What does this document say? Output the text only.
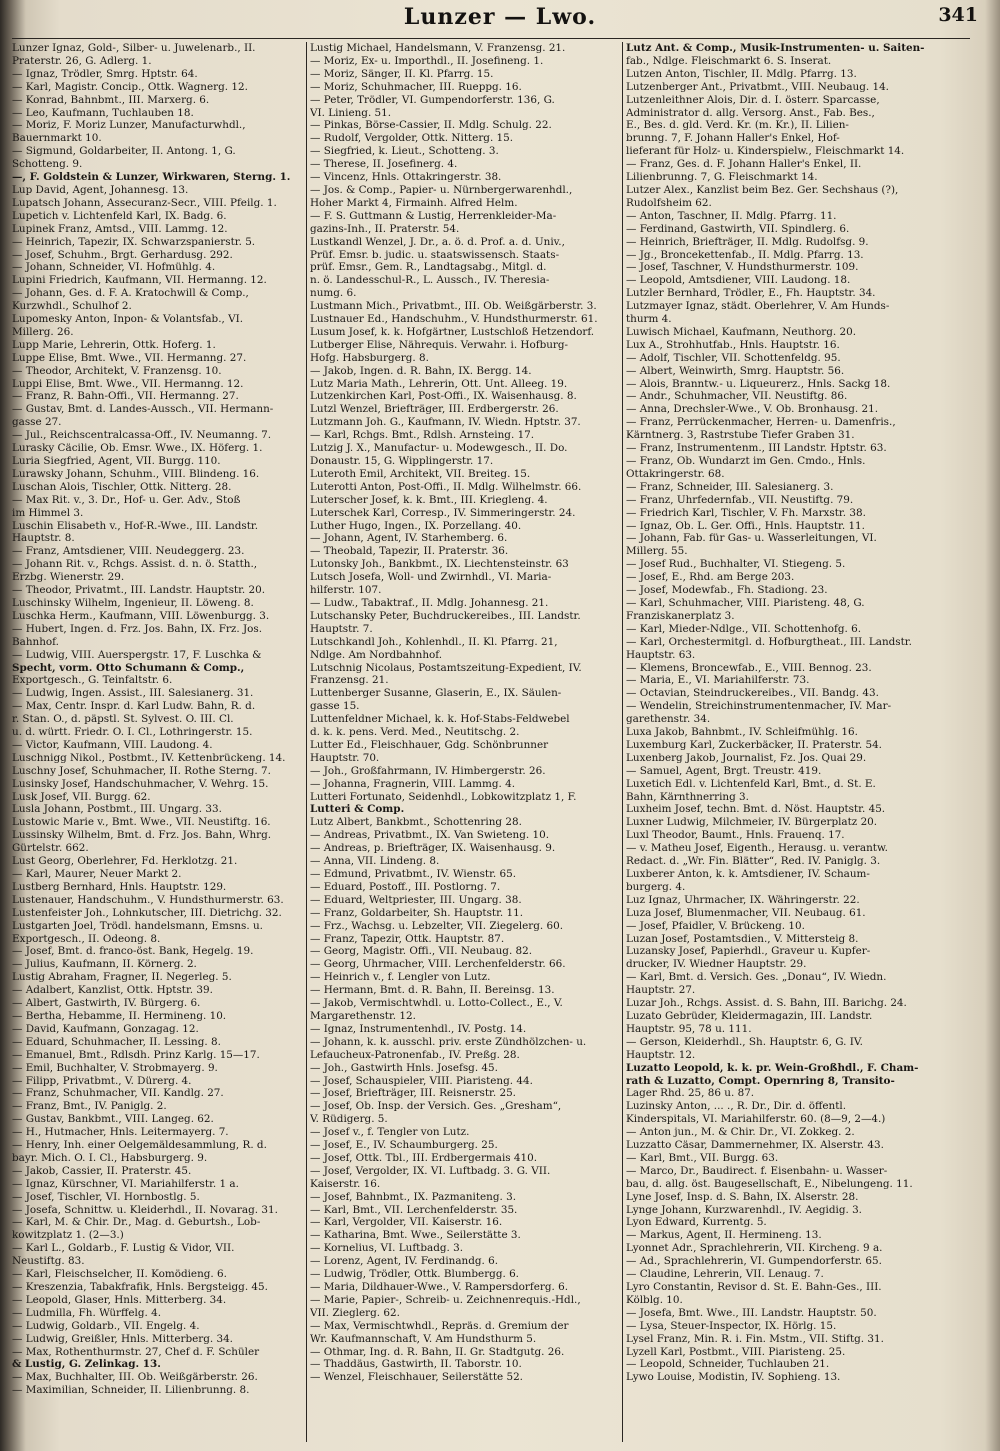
Lunzer — Lwo.	341
Lunzer Ignaz, Gold-, Silber- u. Juwelenarb., II.
Praterstr. 26, G. Adlerg. 1.
— Ignaz, Trödler, Smrg. Hptstr. 64.
— Karl, Magistr. Concip., Ottk. Wagnerg. 12.
— Konrad, Bahnbmt., III. Marxerg. 6.
— Leo, Kaufmann, Tuchlauben 18.
— Moriz, F. Moriz Lunzer, Manufacturwhdl.,
Bauernmarkt 10.
— Sigmund, Goldarbeiter, II. Antong. 1, G.
Schotteng. 9.
—, F. Goldstein & Lunzer, Wirkwaren, Sterng. 1.
Lup David, Agent, Johannesg. 13.
Lupatsch Johann, Assecuranz-Secr., VIII. Pfeilg. 1.
Lupetich v. Lichtenfeld Karl, IX. Badg. 6.
Lupinek Franz, Amtsd., VIII. Lammg. 12.
— Heinrich, Tapezir, IX. Schwarzspanierstr. 5.
— Josef, Schuhm., Brgt. Gerhardusg. 292.
— Johann, Schneider, VI. Hofmühlg. 4.
Lupini Friedrich, Kaufmann, VII. Hermanng. 12.
— Johann, Ges. d. F. A. Kratochwill & Comp.,
Kurzwhdl., Schulhof 2.
Lupomesky Anton, Inpon- & Volantsfab., VI.
Millerg. 26.
Lupp Marie, Lehrerin, Ottk. Hoferg. 1.
Luppe Elise, Bmt. Wwe., VII. Hermanng. 27.
— Theodor, Architekt, V. Franzensg. 10.
Luppi Elise, Bmt. Wwe., VII. Hermanng. 12.
— Franz, R. Bahn-Offi., VII. Hermanng. 27.
— Gustav, Bmt. d. Landes-Aussch., VII. Hermann-
gasse 27.
— Jul., Reichscentralcassa-Off., IV. Neumanng. 7.
Lurasky Cäcilie, Ob. Emsr. Wwe., IX. Höferg. 1.
Luria Siegfried, Agent, VII. Burgg. 110.
Lurawsky Johann, Schuhm., VIII. Blindeng. 16.
Luschan Alois, Tischler, Ottk. Nitterg. 28.
— Max Rit. v., 3. Dr., Hof- u. Ger. Adv., Stoß
im Himmel 3.
Luschin Elisabeth v., Hof-R.-Wwe., III. Landstr.
Hauptstr. 8.
— Franz, Amtsdiener, VIII. Neudeggerg. 23.
— Johann Rit. v., Rchgs. Assist. d. n. ö. Statth.,
Erzbg. Wienerstr. 29.
— Theodor, Privatmt., III. Landstr. Hauptstr. 20.
Luschinsky Wilhelm, Ingenieur, II. Löweng. 8.
Luschka Herm., Kaufmann, VIII. Löwenburgg. 3.
— Hubert, Ingen. d. Frz. Jos. Bahn, IX. Frz. Jos.
Bahnhof.
— Ludwig, VIII. Auerspergstr. 17, F. Luschka &
Specht, vorm. Otto Schumann & Comp.,
Exportgesch., G. Teinfaltstr. 6.
— Ludwig, Ingen. Assist., III. Salesianerg. 31.
— Max, Centr. Inspr. d. Karl Ludw. Bahn, R. d.
r. Stan. O., d. päpstl. St. Sylvest. O. III. Cl.
u. d. württ. Friedr. O. I. Cl., Lothringerstr. 15.
— Victor, Kaufmann, VIII. Laudong. 4.
Luschnigg Nikol., Postbmt., IV. Kettenbrückeng. 14.
Luschny Josef, Schuhmacher, II. Rothe Sterng. 7.
Lusinsky Josef, Handschuhmacher, V. Wehrg. 15.
Lusk Josef, VII. Burgg. 62.
Lusla Johann, Postbmt., III. Ungarg. 33.
Lustowic Marie v., Bmt. Wwe., VII. Neustiftg. 16.
Lussinsky Wilhelm, Bmt. d. Frz. Jos. Bahn, Whrg.
Gürtelstr. 662.
Lust Georg, Oberlehrer, Fd. Herklotzg. 21.
— Karl, Maurer, Neuer Markt 2.
Lustberg Bernhard, Hnls. Hauptstr. 129.
Lustenauer, Handschuhm., V. Hundsthurmerstr. 63.
Lustenfeister Joh., Lohnkutscher, III. Dietrichg. 32.
Lustgarten Joel, Trödl. handelsmann, Emsns. u.
Exportgesch., II. Odeong. 8.
— Josef, Bmt. d. franco-öst. Bank, Hegelg. 19.
— Julius, Kaufmann, II. Körnerg. 2.
Lustig Abraham, Fragner, II. Negerleg. 5.
— Adalbert, Kanzlist, Ottk. Hptstr. 39.
— Albert, Gastwirth, IV. Bürgerg. 6.
— Bertha, Hebamme, II. Hermineng. 10.
— David, Kaufmann, Gonzagag. 12.
— Eduard, Schuhmacher, II. Lessing. 8.
— Emanuel, Bmt., Rdlsdh. Prinz Karlg. 15—17.
— Emil, Buchhalter, V. Strobmayerg. 9.
— Filipp, Privatbmt., V. Dürerg. 4.
— Franz, Schuhmacher, VII. Kandlg. 27.
— Franz, Bmt., IV. Paniglg. 2.
— Gustav, Bankbmt., VIII. Langeg. 62.
— H., Hutmacher, Hnls. Leitermayerg. 7.
— Henry, Inh. einer Oelgemäldesammlung, R. d.
bayr. Mich. O. I. Cl., Habsburgerg. 9.
— Jakob, Cassier, II. Praterstr. 45.
— Ignaz, Kürschner, VI. Mariahilferstr. 1 a.
— Josef, Tischler, VI. Hornbostlg. 5.
— Josefa, Schnittw. u. Kleiderhdl., II. Novarag. 31.
— Karl, M. & Chir. Dr., Mag. d. Geburtsh., Lob-
kowitzplatz 1. (2—3.)
— Karl L., Goldarb., F. Lustig & Vidor, VII.
Neustiftg. 83.
— Karl, Fleischselcher, II. Komödieng. 6.
— Kreszenzia, Tabakfrafik, Hnls. Bergsteigg. 45.
— Leopold, Glaser, Hnls. Mitterberg. 34.
— Ludmilla, Fh. Würffelg. 4.
— Ludwig, Goldarb., VII. Engelg. 4.
— Ludwig, Greißler, Hnls. Mitterberg. 34.
— Max, Rothenthurmstr. 27, Chef d. F. Schüler
& Lustig, G. Zelinkag. 13.
— Max, Buchhalter, III. Ob. Weißgärberstr. 26.
— Maximilian, Schneider, II. Lilienbrunng. 8.
Lustig Michael, Handelsmann, V. Franzensg. 21.
— Moriz, Ex- u. Importhdl., II. Josefineng. 1.
— Moriz, Sänger, II. Kl. Pfarrg. 15.
— Moriz, Schuhmacher, III. Rueppg. 16.
— Peter, Trödler, VI. Gumpendorferstr. 136, G.
VI. Linieng. 51.
— Pinkas, Börse-Cassier, II. Mdlg. Schulg. 22.
— Rudolf, Vergolder, Ottk. Nitterg. 15.
— Siegfried, k. Lieut., Schotteng. 3.
— Therese, II. Josefinerg. 4.
— Vincenz, Hnls. Ottakringerstr. 38.
— Jos. & Comp., Papier- u. Nürnbergerwarenhdl.,
Hoher Markt 4, Firmainh. Alfred Helm.
— F. S. Guttmann & Lustig, Herrenkleider-Ma-
gazins-Inh., II. Praterstr. 54.
Lustkandl Wenzel, J. Dr., a. ö. d. Prof. a. d. Univ.,
Prüf. Emsr. b. judic. u. staatswissensch. Staats-
prüf. Emsr., Gem. R., Landtagsabg., Mitgl. d.
n. ö. Landesschul-R., L. Aussch., IV. Theresia-
numg. 6.
Lustmann Mich., Privatbmt., III. Ob. Weißgärberstr. 3.
Lustnauer Ed., Handschuhm., V. Hundsthurmerstr. 61.
Lusum Josef, k. k. Hofgärtner, Lustschloß Hetzendorf.
Lutberger Elise, Nährequis. Verwahr. i. Hofburg-
Hofg. Habsburgerg. 8.
— Jakob, Ingen. d. R. Bahn, IX. Bergg. 14.
Lutz Maria Math., Lehrerin, Ott. Unt. Alleeg. 19.
Lutzenkirchen Karl, Post-Offi., IX. Waisenhausg. 8.
Lutzl Wenzel, Briefträger, III. Erdbergerstr. 26.
Lutzmann Joh. G., Kaufmann, IV. Wiedn. Hptstr. 37.
— Karl, Rchgs. Bmt., Rdlsh. Arnsteing. 17.
Lutzig J. X., Manufactur- u. Modewgesch., II. Do.
Donaustr. 15, G. Wipplingerstr. 17.
Luteroth Emil, Architekt, VII. Breiteg. 15.
Luterotti Anton, Post-Offi., II. Mdlg. Wilhelmstr. 66.
Luterscher Josef, k. k. Bmt., III. Kriegleng. 4.
Luterschek Karl, Corresp., IV. Simmeringerstr. 24.
Luther Hugo, Ingen., IX. Porzellang. 40.
— Johann, Agent, IV. Starhemberg. 6.
— Theobald, Tapezir, II. Praterstr. 36.
Lutonsky Joh., Bankbmt., IX. Liechtensteinstr. 63
Lutsch Josefa, Woll- und Zwirnhdl., VI. Maria-
hilferstr. 107.
— Ludw., Tabaktraf., II. Mdlg. Johannesg. 21.
Lutschansky Peter, Buchdruckereibes., III. Landstr.
Hauptstr. 7.
Lutschkandl Joh., Kohlenhdl., II. Kl. Pfarrg. 21,
Ndlge. Am Nordbahnhof.
Lutschnig Nicolaus, Postamtszeitung-Expedient, IV.
Franzensg. 21.
Luttenberger Susanne, Glaserin, E., IX. Säulen-
gasse 15.
Luttenfeldner Michael, k. k. Hof-Stabs-Feldwebel
d. k. k. pens. Verd. Med., Neutitschg. 2.
Lutter Ed., Fleischhauer, Gdg. Schönbrunner
Hauptstr. 70.
— Joh., Großfahrmann, IV. Himbergerstr. 26.
— Johanna, Fragnerin, VIII. Lammg. 4.
Lutteri Fortunato, Seidenhdl., Lobkowitzplatz 1, F.
Lutteri & Comp.
Lutz Albert, Bankbmt., Schottenring 28.
— Andreas, Privatbmt., IX. Van Swieteng. 10.
— Andreas, p. Briefträger, IX. Waisenhausg. 9.
— Anna, VII. Lindeng. 8.
— Edmund, Privatbmt., IV. Wienstr. 65.
— Eduard, Postoff., III. Postlorng. 7.
— Eduard, Weltpriester, III. Ungarg. 38.
— Franz, Goldarbeiter, Sh. Hauptstr. 11.
— Frz., Wachsg. u. Lebzelter, VII. Ziegelerg. 60.
— Franz, Tapezir, Ottk. Hauptstr. 87.
— Georg, Magistr. Offi., VII. Neubaug. 82.
— Georg, Uhrmacher, VIII. Lerchenfelderstr. 66.
— Heinrich v., f. Lengler von Lutz.
— Hermann, Bmt. d. R. Bahn, II. Bereinsg. 13.
— Jakob, Vermischtwhdl. u. Lotto-Collect., E., V.
Margarethenstr. 12.
— Ignaz, Instrumentenhdl., IV. Postg. 14.
— Johann, k. k. ausschl. priv. erste Zündhölzchen- u.
Lefaucheux-Patronenfab., IV. Preßg. 28.
— Joh., Gastwirth Hnls. Josefsg. 45.
— Josef, Schauspieler, VIII. Piaristeng. 44.
— Josef, Briefträger, III. Reisnerstr. 25.
— Josef, Ob. Insp. der Versich. Ges. „Gresham“,
V. Rüdigerg. 5.
— Josef v., f. Tengler von Lutz.
— Josef, E., IV. Schaumburgerg. 25.
— Josef, Ottk. Tbl., III. Erdbergermais 410.
— Josef, Vergolder, IX. VI. Luftbadg. 3. G. VII.
Kaiserstr. 16.
— Josef, Bahnbmt., IX. Pazmaniteng. 3.
— Karl, Bmt., VII. Lerchenfelderstr. 35.
— Karl, Vergolder, VII. Kaiserstr. 16.
— Katharina, Bmt. Wwe., Seilerstätte 3.
— Kornelius, VI. Luftbadg. 3.
— Lorenz, Agent, IV. Ferdinandg. 6.
— Ludwig, Trödler, Ottk. Blumbergg. 6.
— Maria, Dildhauer-Wwe., V. Rampersdorferg. 6.
— Marie, Papier-, Schreib- u. Zeichnenrequis.-Hdl.,
VII. Zieglerg. 62.
— Max, Vermischtwhdl., Repräs. d. Gremium der
Wr. Kaufmannschaft, V. Am Hundsthurm 5.
— Othmar, Ing. d. R. Bahn, II. Gr. Stadtgutg. 26.
— Thaddäus, Gastwirth, II. Taborstr. 10.
— Wenzel, Fleischhauer, Seilerstätte 52.
Lutz Ant. & Comp., Musik-Instrumenten- u. Saiten-
fab., Ndlge. Fleischmarkt 6. S. Inserat.
Lutzen Anton, Tischler, II. Mdlg. Pfarrg. 13.
Lutzenberger Ant., Privatbmt., VIII. Neubaug. 14.
Lutzenleithner Alois, Dir. d. I. österr. Sparcasse,
Administrator d. allg. Versorg. Anst., Fab. Bes.,
E., Bes. d. gld. Verd. Kr. (m. Kr.), II. Lilien-
brunng. 7, F. Johann Haller's Enkel, Hof-
lieferant für Holz- u. Kinderspielw., Fleischmarkt 14.
— Franz, Ges. d. F. Johann Haller's Enkel, II.
Lilienbrunng. 7, G. Fleischmarkt 14.
Lutzer Alex., Kanzlist beim Bez. Ger. Sechshaus (?),
Rudolfsheim 62.
— Anton, Taschner, II. Mdlg. Pfarrg. 11.
— Ferdinand, Gastwirth, VII. Spindlerg. 6.
— Heinrich, Briefträger, II. Mdlg. Rudolfsg. 9.
— Jg., Broncekettenfab., II. Mdlg. Pfarrg. 13.
— Josef, Taschner, V. Hundsthurmerstr. 109.
— Leopold, Amtsdiener, VIII. Laudong. 18.
Lutzler Bernhard, Trödler, E., Fh. Hauptstr. 34.
Lutzmayer Ignaz, städt. Oberlehrer, V. Am Hunds-
thurm 4.
Luwisch Michael, Kaufmann, Neuthorg. 20.
Lux A., Strohhutfab., Hnls. Hauptstr. 16.
— Adolf, Tischler, VII. Schottenfeldg. 95.
— Albert, Weinwirth, Smrg. Hauptstr. 56.
— Alois, Branntw.- u. Liqueurerz., Hnls. Sackg 18.
— Andr., Schuhmacher, VII. Neustiftg. 86.
— Anna, Drechsler-Wwe., V. Ob. Bronhausg. 21.
— Franz, Perrückenmacher, Herren- u. Damenfris.,
Kärntnerg. 3, Rastrstube Tiefer Graben 31.
— Franz, Instrumentenm., III Landstr. Hptstr. 63.
— Franz, Ob. Wundarzt im Gen. Cmdo., Hnls.
Ottakringerstr. 68.
— Franz, Schneider, III. Salesianerg. 3.
— Franz, Uhrfedernfab., VII. Neustiftg. 79.
— Friedrich Karl, Tischler, V. Fh. Marxstr. 38.
— Ignaz, Ob. L. Ger. Offi., Hnls. Hauptstr. 11.
— Johann, Fab. für Gas- u. Wasserleitungen, VI.
Millerg. 55.
— Josef Rud., Buchhalter, VI. Stiegeng. 5.
— Josef, E., Rhd. am Berge 203.
— Josef, Modewfab., Fh. Stadiong. 23.
— Karl, Schuhmacher, VIII. Piaristeng. 48, G.
Franziskanerplatz 3.
— Karl, Mieder-Ndlge., VII. Schottenhofg. 6.
— Karl, Orchestermitgl. d. Hofburgtheat., III. Landstr.
Hauptstr. 63.
— Klemens, Broncewfab., E., VIII. Bennog. 23.
— Maria, E., VI. Mariahilferstr. 73.
— Octavian, Steindruckereibes., VII. Bandg. 43.
— Wendelin, Streichinstrumentenmacher, IV. Mar-
garethenstr. 34.
Luxa Jakob, Bahnbmt., IV. Schleifmühlg. 16.
Luxemburg Karl, Zuckerbäcker, II. Praterstr. 54.
Luxenberg Jakob, Journalist, Fz. Jos. Quai 29.
— Samuel, Agent, Brgt. Treustr. 419.
Luxetich Edl. v. Lichtenfeld Karl, Bmt., d. St. E.
Bahn, Kärnthnerring 3.
Luxheim Josef, techn. Bmt. d. Nöst. Hauptstr. 45.
Luxner Ludwig, Milchmeier, IV. Bürgerplatz 20.
Luxl Theodor, Baumt., Hnls. Frauenq. 17.
— v. Matheu Josef, Eigenth., Herausg. u. verantw.
Redact. d. „Wr. Fin. Blätter“, Red. IV. Paniglg. 3.
Luxberer Anton, k. k. Amtsdiener, IV. Schaum-
burgerg. 4.
Luz Ignaz, Uhrmacher, IX. Währingerstr. 22.
Luza Josef, Blumenmacher, VII. Neubaug. 61.
— Josef, Pfaidler, V. Brückeng. 10.
Luzan Josef, Postamtsdien., V. Mittersteig 8.
Luzansky Josef, Papierhdl., Graveur u. Kupfer-
drucker, IV. Wiedner Hauptstr. 29.
— Karl, Bmt. d. Versich. Ges. „Donau“, IV. Wiedn.
Hauptstr. 27.
Luzar Joh., Rchgs. Assist. d. S. Bahn, III. Barichg. 24.
Luzato Gebrüder, Kleidermagazin, III. Landstr.
Hauptstr. 95, 78 u. 111.
— Gerson, Kleiderhdl., Sh. Hauptstr. 6, G. IV.
Hauptstr. 12.
Luzatto Leopold, k. k. pr. Wein-Großhdl., F. Cham-
rath & Luzatto, Compt. Opernring 8, Transito-
Lager Rhd. 25, 86 u. 87.
Luzinsky Anton, ... ., R. Dr., Dir. d. öffentl.
Kinderspitals, VI. Mariahilferstr. 60. (8—9, 2—4.)
— Anton jun., M. & Chir. Dr., VI. Zokkeg. 2.
Luzzatto Cäsar, Dammernehmer, IX. Alserstr. 43.
— Karl, Bmt., VII. Burgg. 63.
— Marco, Dr., Baudirect. f. Eisenbahn- u. Wasser-
bau, d. allg. öst. Baugesellschaft, E., Nibelungeng. 11.
Lyne Josef, Insp. d. S. Bahn, IX. Alserstr. 28.
Lynge Johann, Kurzwarenhdl., IV. Aegidig. 3.
Lyon Edward, Kurrentg. 5.
— Markus, Agent, II. Hermineng. 13.
Lyonnet Adr., Sprachlehrerin, VII. Kircheng. 9 a.
— Ad., Sprachlehrerin, VI. Gumpendorferstr. 65.
— Claudine, Lehrerin, VII. Lenaug. 7.
Lyro Constantin, Revisor d. St. E. Bahn-Ges., III.
Kölblg. 10.
— Josefa, Bmt. Wwe., III. Landstr. Hauptstr. 50.
— Lysa, Steuer-Inspector, IX. Hörlg. 15.
Lysel Franz, Min. R. i. Fin. Mstm., VII. Stiftg. 31.
Lyzell Karl, Postbmt., VIII. Piaristeng. 25.
— Leopold, Schneider, Tuchlauben 21.
Lywo Louise, Modistin, IV. Sophieng. 13.
